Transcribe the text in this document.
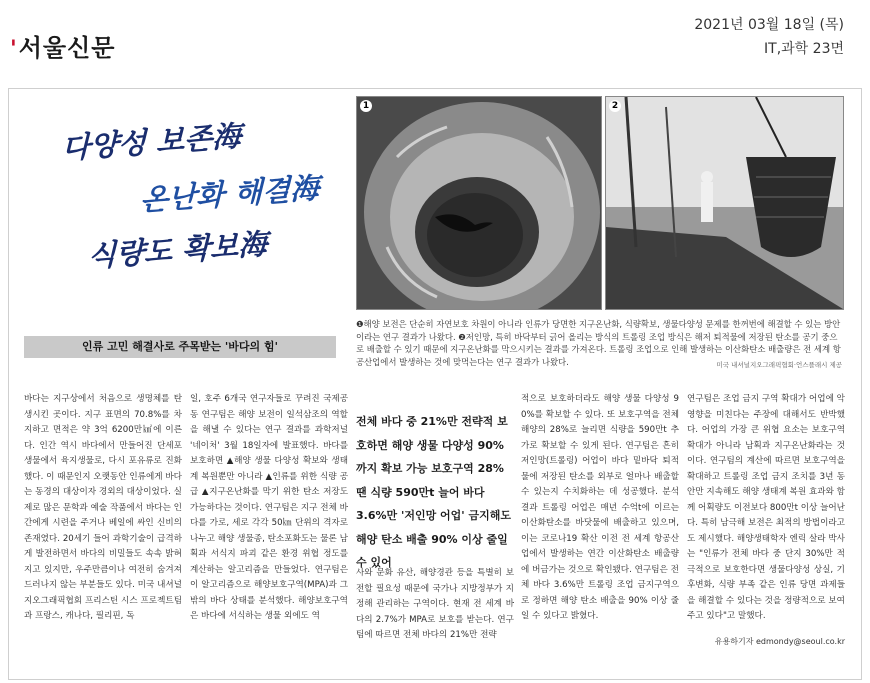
'서울신문
2021년 03월 18일 (목)
IT,과학 23면
다양성 보존海
온난화 해결海
식량도 확보海
인류 고민 해결사로 주목받는 '바다의 힘'
1	2
❶해양 보전은 단순히 자연보호 차원이 아니라 인류가 당면한 지구온난화, 식량확보, 생물다양성 문제를 한꺼번에 해결할 수 있는 방안이라는 연구 결과가 나왔다. ❷저인망, 특히 바닥부터 긁어 올리는 방식의 트롤링 조업 방식은 해저 퇴적물에 저장된 탄소를 공기 중으로 배출할 수 있기 때문에 지구온난화를 막으시키는 결과를 가져온다. 트롤링 조업으로 인해 발생하는 이산화탄소 배출량은 전 세계 항공산업에서 발생하는 것에 맞먹는다는 연구 결과가 나왔다.	미국 내셔널지오그래픽협회·언스플래시 제공
바다는 지구상에서 처음으로 생명체를 탄생시킨 곳이다. 지구 표면의 70.8%를 차지하고 면적은 약 3억 6200만㎢에 이른다. 인간 역시 바다에서 만들어진 단세포 생물에서 육지생물로, 다시 포유류로 진화했다. 이 때문인지 오랫동안 인류에게 바다는 동경의 대상이자 경외의 대상이었다. 실제로 많은 문학과 예술 작품에서 바다는 인간에게 시련을 주거나 베일에 싸인 신비의 존재였다. 20세기 들어 과학기술이 급격하게 발전하면서 바다의 비밀들도 속속 밝혀지고 있지만, 우주만큼이나 여전히 숨겨져 드러나지 않는 부분들도 있다. 미국 내셔널지오그래픽협회 프리스틴 시스 프로젝트팀과 프랑스, 캐나다, 필리핀, 독
일, 호주 6개국 연구자들로 꾸려진 국제공동 연구팀은 해양 보전이 일석삼조의 역할을 해낼 수 있다는 연구 결과를 과학저널 '네이처' 3월 18일자에 발표했다. 바다를 보호하면 ▲해양 생물 다양성 확보와 생태계 복원뿐만 아니라 ▲인류를 위한 식량 공급 ▲지구온난화를 막기 위한 탄소 저장도 가능하다는 것이다. 연구팀은 지구 전체 바다를 가로, 세로 각각 50㎞ 단위의 격자로 나누고 해양 생물종, 탄소포화도는 물론 남획과 서식지 파괴 같은 환경 위협 정도를 계산하는 알고리즘을 만들었다. 연구팀은 이 알고리즘으로 해양보호구역(MPA)과 그 밖의 바다 상태를 분석했다. 해양보호구역은 바다에 서식하는 생물 외에도 역
전체 바다 중 21%만 전략적 보호하면 해양 생물 다양성 90%까지 확보 가능 보호구역 28% 땐 식량 590만t 늘어 바다 3.6%만 '저인망 어업' 금지해도 해양 탄소 배출 90% 이상 줄일 수 있어
사와 문화 유산, 해양경관 등을 특별히 보전할 필요성 때문에 국가나 지방정부가 지정해 관리하는 구역이다. 현재 전 세계 바다의 2.7%가 MPA로 보호를 받는다. 연구팀에 따르면 전체 바다의 21%만 전략
적으로 보호하더라도 해양 생물 다양성 90%를 확보할 수 있다. 또 보호구역을 전체 해양의 28%로 늘리면 식량을 590만t 추가로 확보할 수 있게 된다. 연구팀은 흔히 저인망(트롤링) 어업이 바다 밑바닥 퇴적물에 저장된 탄소를 외부로 얼마나 배출할 수 있는지 수치화하는 데 성공했다. 분석 결과 트롤링 어업은 매년 수억t에 이르는 이산화탄소를 바닷물에 배출하고 있으며, 이는 코로나19 확산 이전 전 세계 항공산업에서 발생하는 연간 이산화탄소 배출량에 버금가는 것으로 확인됐다. 연구팀은 전체 바다 3.6%만 트롤링 조업 금지구역으로 정하면 해양 탄소 배출을 90% 이상 줄일 수 있다고 밝혔다.
연구팀은 조업 금지 구역 확대가 어업에 악영향을 미친다는 주장에 대해서도 반박했다. 어업의 가장 큰 위협 요소는 보호구역 확대가 아니라 남획과 지구온난화라는 것이다. 연구팀의 계산에 따르면 보호구역을 확대하고 트롤링 조업 금지 조치를 3년 동안만 지속해도 해양 생태계 복원 효과와 함께 어획량도 이전보다 800만t 이상 늘어난다. 특히 남극해 보전은 최적의 방법이라고도 제시했다. 해양생태학자 엔릭 살라 박사는 "인류가 전체 바다 중 단지 30%만 적극적으로 보호한다면 생물다양성 상실, 기후변화, 식량 부족 같은 인류 당면 과제들을 해결할 수 있다는 것을 정량적으로 보여 주고 있다"고 말했다.
유용하기자 edmondy@seoul.co.kr
